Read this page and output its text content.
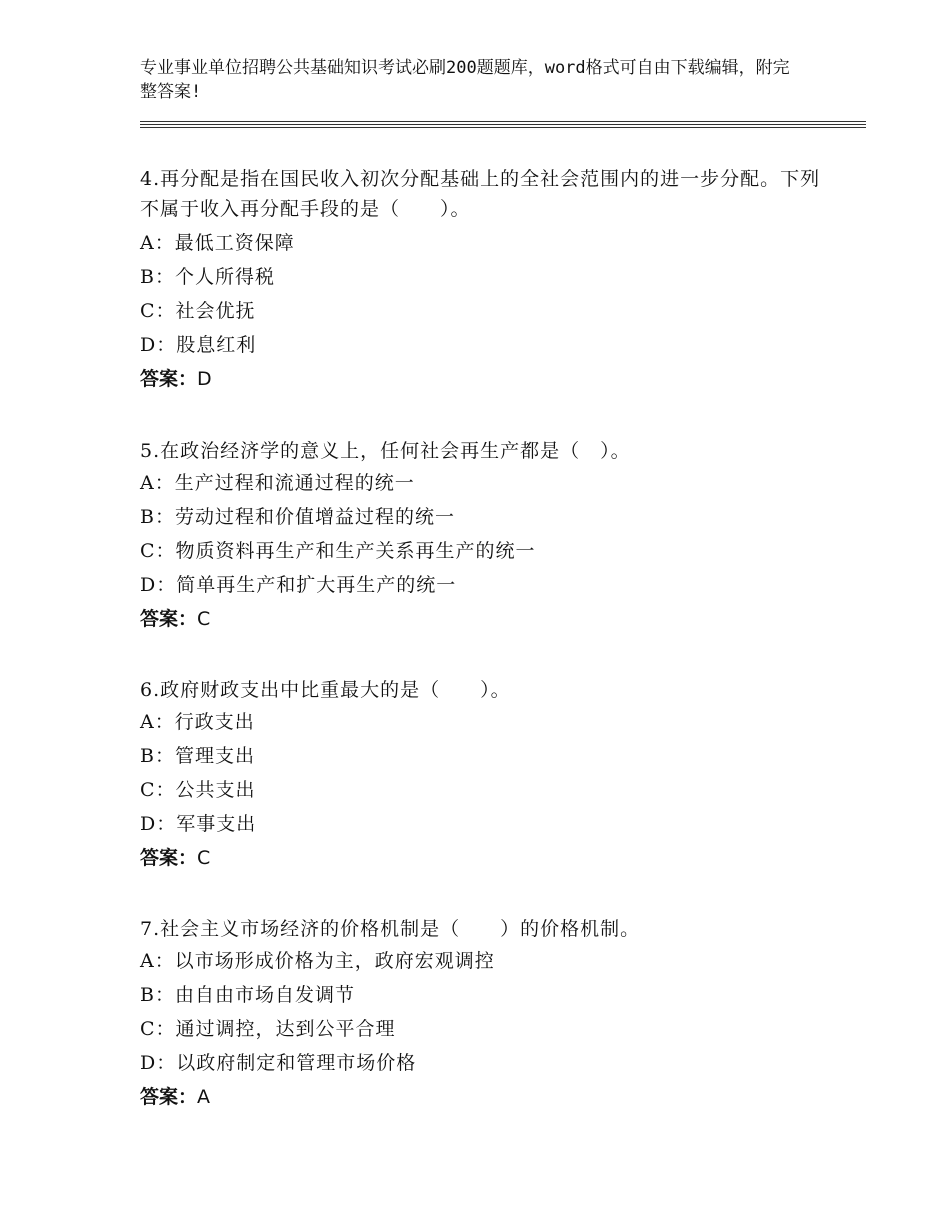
专业事业单位招聘公共基础知识考试必刷200题题库，word格式可自由下载编辑，附完整答案!
4.再分配是指在国民收入初次分配基础上的全社会范围内的进一步分配。下列不属于收入再分配手段的是（　　）。
A：最低工资保障
B：个人所得税
C：社会优抚
D：股息红利
答案：D
5.在政治经济学的意义上，任何社会再生产都是（　）。
A：生产过程和流通过程的统一
B：劳动过程和价值增益过程的统一
C：物质资料再生产和生产关系再生产的统一
D：简单再生产和扩大再生产的统一
答案：C
6.政府财政支出中比重最大的是（　　）。
A：行政支出
B：管理支出
C：公共支出
D：军事支出
答案：C
7.社会主义市场经济的价格机制是（　　）的价格机制。
A：以市场形成价格为主，政府宏观调控
B：由自由市场自发调节
C：通过调控，达到公平合理
D：以政府制定和管理市场价格
答案：A
